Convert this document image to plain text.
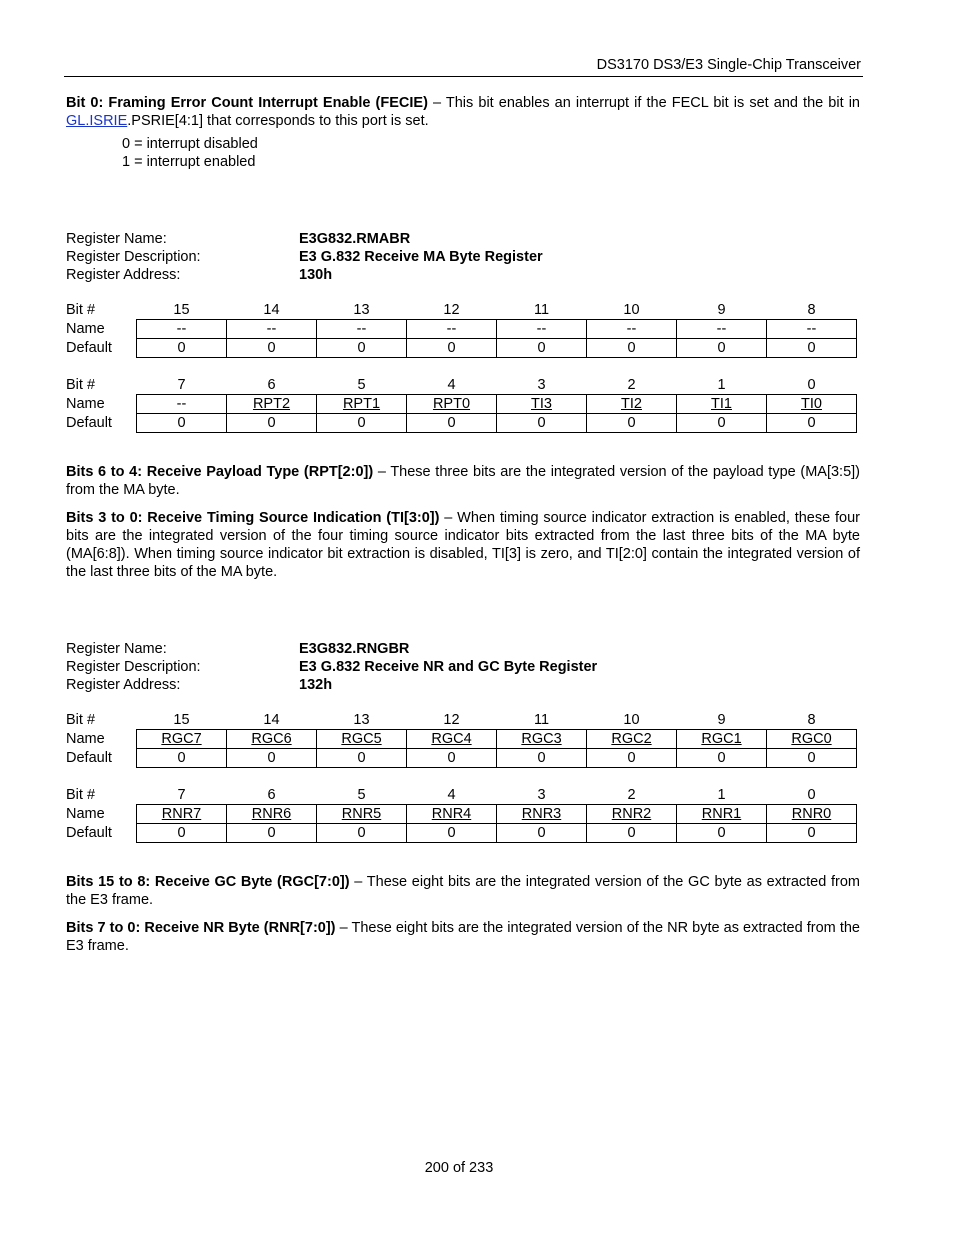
DS3170 DS3/E3 Single-Chip Transceiver
Bit 0: Framing Error Count Interrupt Enable (FECIE) – This bit enables an interrupt if the FECL bit is set and the bit in GL.ISRIE.PSRIE[4:1] that corresponds to this port is set.
0 = interrupt disabled
1 = interrupt enabled
Register Name:	E3G832.RMABR
Register Description:	E3 G.832 Receive MA Byte Register
Register Address:	130h
Bit #	15	14	13	12	11	10	9	8
Name	--	--	--	--	--	--	--	--
Default	0	0	0	0	0	0	0	0
Bit #	7	6	5	4	3	2	1	0
Name	--	RPT2	RPT1	RPT0	TI3	TI2	TI1	TI0
Default	0	0	0	0	0	0	0	0
Bits 6 to 4: Receive Payload Type (RPT[2:0]) – These three bits are the integrated version of the payload type (MA[3:5]) from the MA byte.
Bits 3 to 0: Receive Timing Source Indication (TI[3:0]) – When timing source indicator extraction is enabled, these four bits are the integrated version of the four timing source indicator bits extracted from the last three bits of the MA byte (MA[6:8]). When timing source indicator bit extraction is disabled, TI[3] is zero, and TI[2:0] contain the integrated version of the last three bits of the MA byte.
Register Name:	E3G832.RNGBR
Register Description:	E3 G.832 Receive NR and GC Byte Register
Register Address:	132h
Bit #	15	14	13	12	11	10	9	8
Name	RGC7	RGC6	RGC5	RGC4	RGC3	RGC2	RGC1	RGC0
Default	0	0	0	0	0	0	0	0
Bit #	7	6	5	4	3	2	1	0
Name	RNR7	RNR6	RNR5	RNR4	RNR3	RNR2	RNR1	RNR0
Default	0	0	0	0	0	0	0	0
Bits 15 to 8: Receive GC Byte (RGC[7:0]) – These eight bits are the integrated version of the GC byte as extracted from the E3 frame.
Bits 7 to 0: Receive NR Byte (RNR[7:0]) – These eight bits are the integrated version of the NR byte as extracted from the E3 frame.
200 of 233
